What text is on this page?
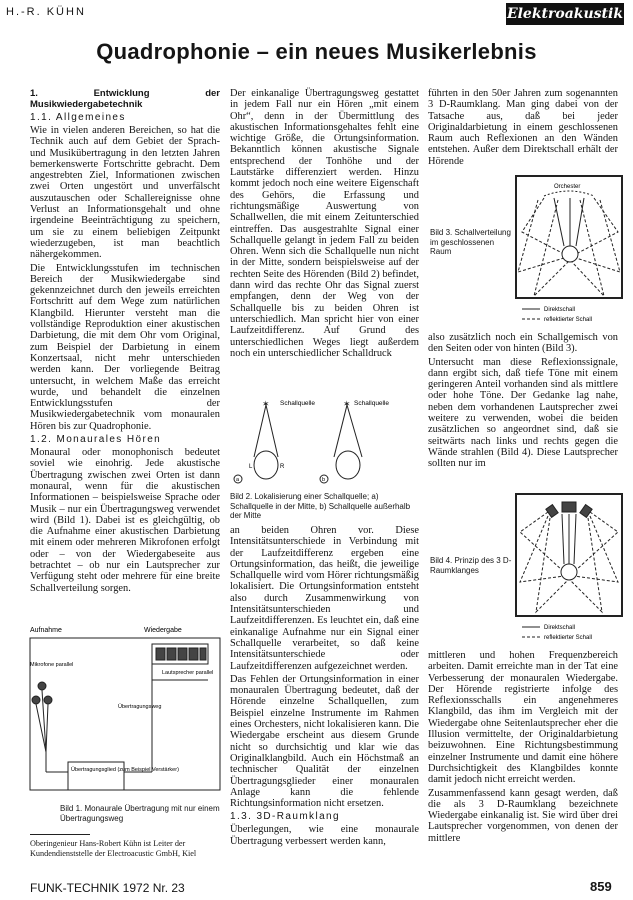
H.-R. KÜHN	Elektroakustik
Quadrophonie – ein neues Musikerlebnis
1. Entwicklung der Musikwiedergabetechnik
1.1. Allgemeines

Wie in vielen anderen Bereichen, so hat die Technik auch auf dem Gebiet der Sprach- und Musikübertragung in den letzten Jahren bemerkenswerte Fortschritte gebracht. Dem angestrebten Ziel, Informationen zwischen zwei Orten ungestört und unverfälscht auszutauschen oder Schallereignisse ohne Verlust an Informationsgehalt und ohne irgendeine Beeinträchtigung zu speichern, um sie zu einem beliebigen Zeitpunkt wiederzugeben, ist man beachtlich nähergekommen.

Die Entwicklungsstufen im technischen Bereich der Musikwiedergabe sind gekennzeichnet durch den jeweils erreichten Fortschritt auf dem Wege zum natürlichen Klangbild. Hierunter versteht man die vollständige Reproduktion einer akustischen Darbietung, die mit dem Ohr vom Original, zum Beispiel der Darbietung in einem Konzertsaal, nicht mehr unterschieden werden kann. Der vorliegende Beitrag untersucht, in welchem Maße das erreicht wurde, und behandelt die einzelnen Entwicklungsstufen der Musikwiedergabetechnik vom monauralen Hören bis zur Quadrophonie.

1.2. Monaurales Hören

Monaural oder monophonisch bedeutet soviel wie einohrig. Jede akustische Übertragung zwischen zwei Orten ist dann monaural, wenn für die akustischen Informationen – beispielsweise Sprache oder Musik – nur ein Übertragungsweg verwendet wird (Bild 1). Dabei ist es gleichgültig, ob die Aufnahme einer akustischen Darbietung mit einem oder mehreren Mikrofonen erfolgt oder – von der Wiedergabeseite aus betrachtet – ob nur ein Lautsprecher zur Verfügung steht oder mehrere für eine breite Schallverteilung sorgen.

Aufnahme	Wiedergabe
Lautsprecher parallel
Mikrofone parallel
Übertragungsweg
Übertragungsglied (zum Beispiel Verstärker)
Bild 1. Monaurale Übertragung mit nur einem Übertragungsweg

Der einkanalige Übertragungsweg gestattet in jedem Fall nur ein Hören „mit einem Ohr“, denn in der Übermittlung des akustischen Informationsgehaltes fehlt eine wichtige Größe, die Ortungsinformation. Bekanntlich können akustische Signale entsprechend der Tonhöhe und der Lautstärke differenziert werden. Hinzu kommt jedoch noch eine weitere Eigenschaft des Gehörs, die Erfassung und richtungsmäßige Auswertung von Schallwellen, die mit einem Zeitunterschied eintreffen. Das ausgestrahlte Signal einer Schallquelle gelangt in jedem Fall zu beiden Ohren. Wenn sich die Schallquelle nun nicht in der Mitte, sondern beispielsweise auf der rechten Seite des Hörenden (Bild 2) befindet, dann wird das rechte Ohr das Signal zuerst empfangen, denn der Weg von der Schallquelle bis zu beiden Ohren ist unterschiedlich. Man spricht hier von einer Laufzeitdifferenz. Auf Grund des unterschiedlichen Weges liegt außerdem noch ein unterschiedlicher Schalldruck

Schallquelle	Schallquelle
✶	✶
L	R
a	b
Bild 2. Lokalisierung einer Schallquelle; a) Schallquelle in der Mitte, b) Schallquelle außerhalb der Mitte

an beiden Ohren vor. Diese Intensitätsunterschiede in Verbindung mit der Laufzeitdifferenz ergeben eine Ortungsinformation, das heißt, die jeweilige Schallquelle wird vom Hörer richtungsmäßig lokalisiert. Die Ortungsinformation entsteht also durch Zusammenwirkung von Intensitätsunterschieden und Laufzeitdifferenzen. Es leuchtet ein, daß eine einkanalige Aufnahme nur ein Signal einer Schallquelle verarbeitet, so daß keine Intensitätsunterschiede oder Laufzeitdifferenzen aufgezeichnet werden.

Das Fehlen der Ortungsinformation in einer monauralen Übertragung bedeutet, daß der Hörende einzelne Schallquellen, zum Beispiel einzelne Instrumente im Rahmen eines Orchesters, nicht lokalisieren kann. Die Wiedergabe erscheint aus diesem Grunde nicht so durchsichtig und klar wie das Originalklangbild. Auch ein Höchstmaß an technischer Qualität der einzelnen Übertragungsglieder einer monauralen Anlage kann die fehlende Richtungsinformation nicht ersetzen.

1.3. 3D-Raumklang

Überlegungen, wie eine monaurale Übertragung verbessert werden kann,

führten in den 50er Jahren zum sogenannten 3 D-Raumklang. Man ging dabei von der Tatsache aus, daß bei jeder Originaldarbietung in einem geschlossenen Raum auch Reflexionen an den Wänden entstehen. Außer dem Direktschall erhält der Hörende

Orchester
Direktschall
reflektierter Schall
Bild 3. Schallverteilung im geschlossenen Raum

also zusätzlich noch ein Schallgemisch von den Seiten oder von hinten (Bild 3).

Untersucht man diese Reflexionssignale, dann ergibt sich, daß tiefe Töne mit einem geringeren Anteil vorhanden sind als mittlere oder hohe Töne. Der Gedanke lag nahe, neben dem vorhandenen Lautsprecher zwei weitere zu verwenden, wobei die beiden zusätzlichen so angeordnet sind, daß sie seitwärts nach links und rechts gegen die Wände strahlen (Bild 4). Diese Lautsprecher sollten nur im

Direktschall
reflektierter Schall
Bild 4. Prinzip des 3 D-Raumklanges

mittleren und hohen Frequenzbereich arbeiten. Damit erreichte man in der Tat eine Verbesserung der monauralen Wiedergabe. Der Hörende registrierte infolge des Reflexionsschalls ein angenehmeres Klangbild, das ihm im Vergleich mit der Wiedergabe ohne Seitenlautsprecher eher die Illusion vermittelte, der Originaldarbietung beizuwohnen. Eine Richtungsbestimmung einzelner Instrumente und damit eine höhere Durchsichtigkeit des Klangbildes konnte damit jedoch nicht erreicht werden.

Zusammenfassend kann gesagt werden, daß die als 3 D-Raumklang bezeichnete Wiedergabe einkanalig ist. Sie wird über drei Lautsprecher vorgenommen, von denen der mittlere

Oberingenieur Hans-Robert Kühn ist Leiter der Kundendienststelle der Electroacustic GmbH, Kiel
FUNK-TECHNIK 1972 Nr. 23	859
